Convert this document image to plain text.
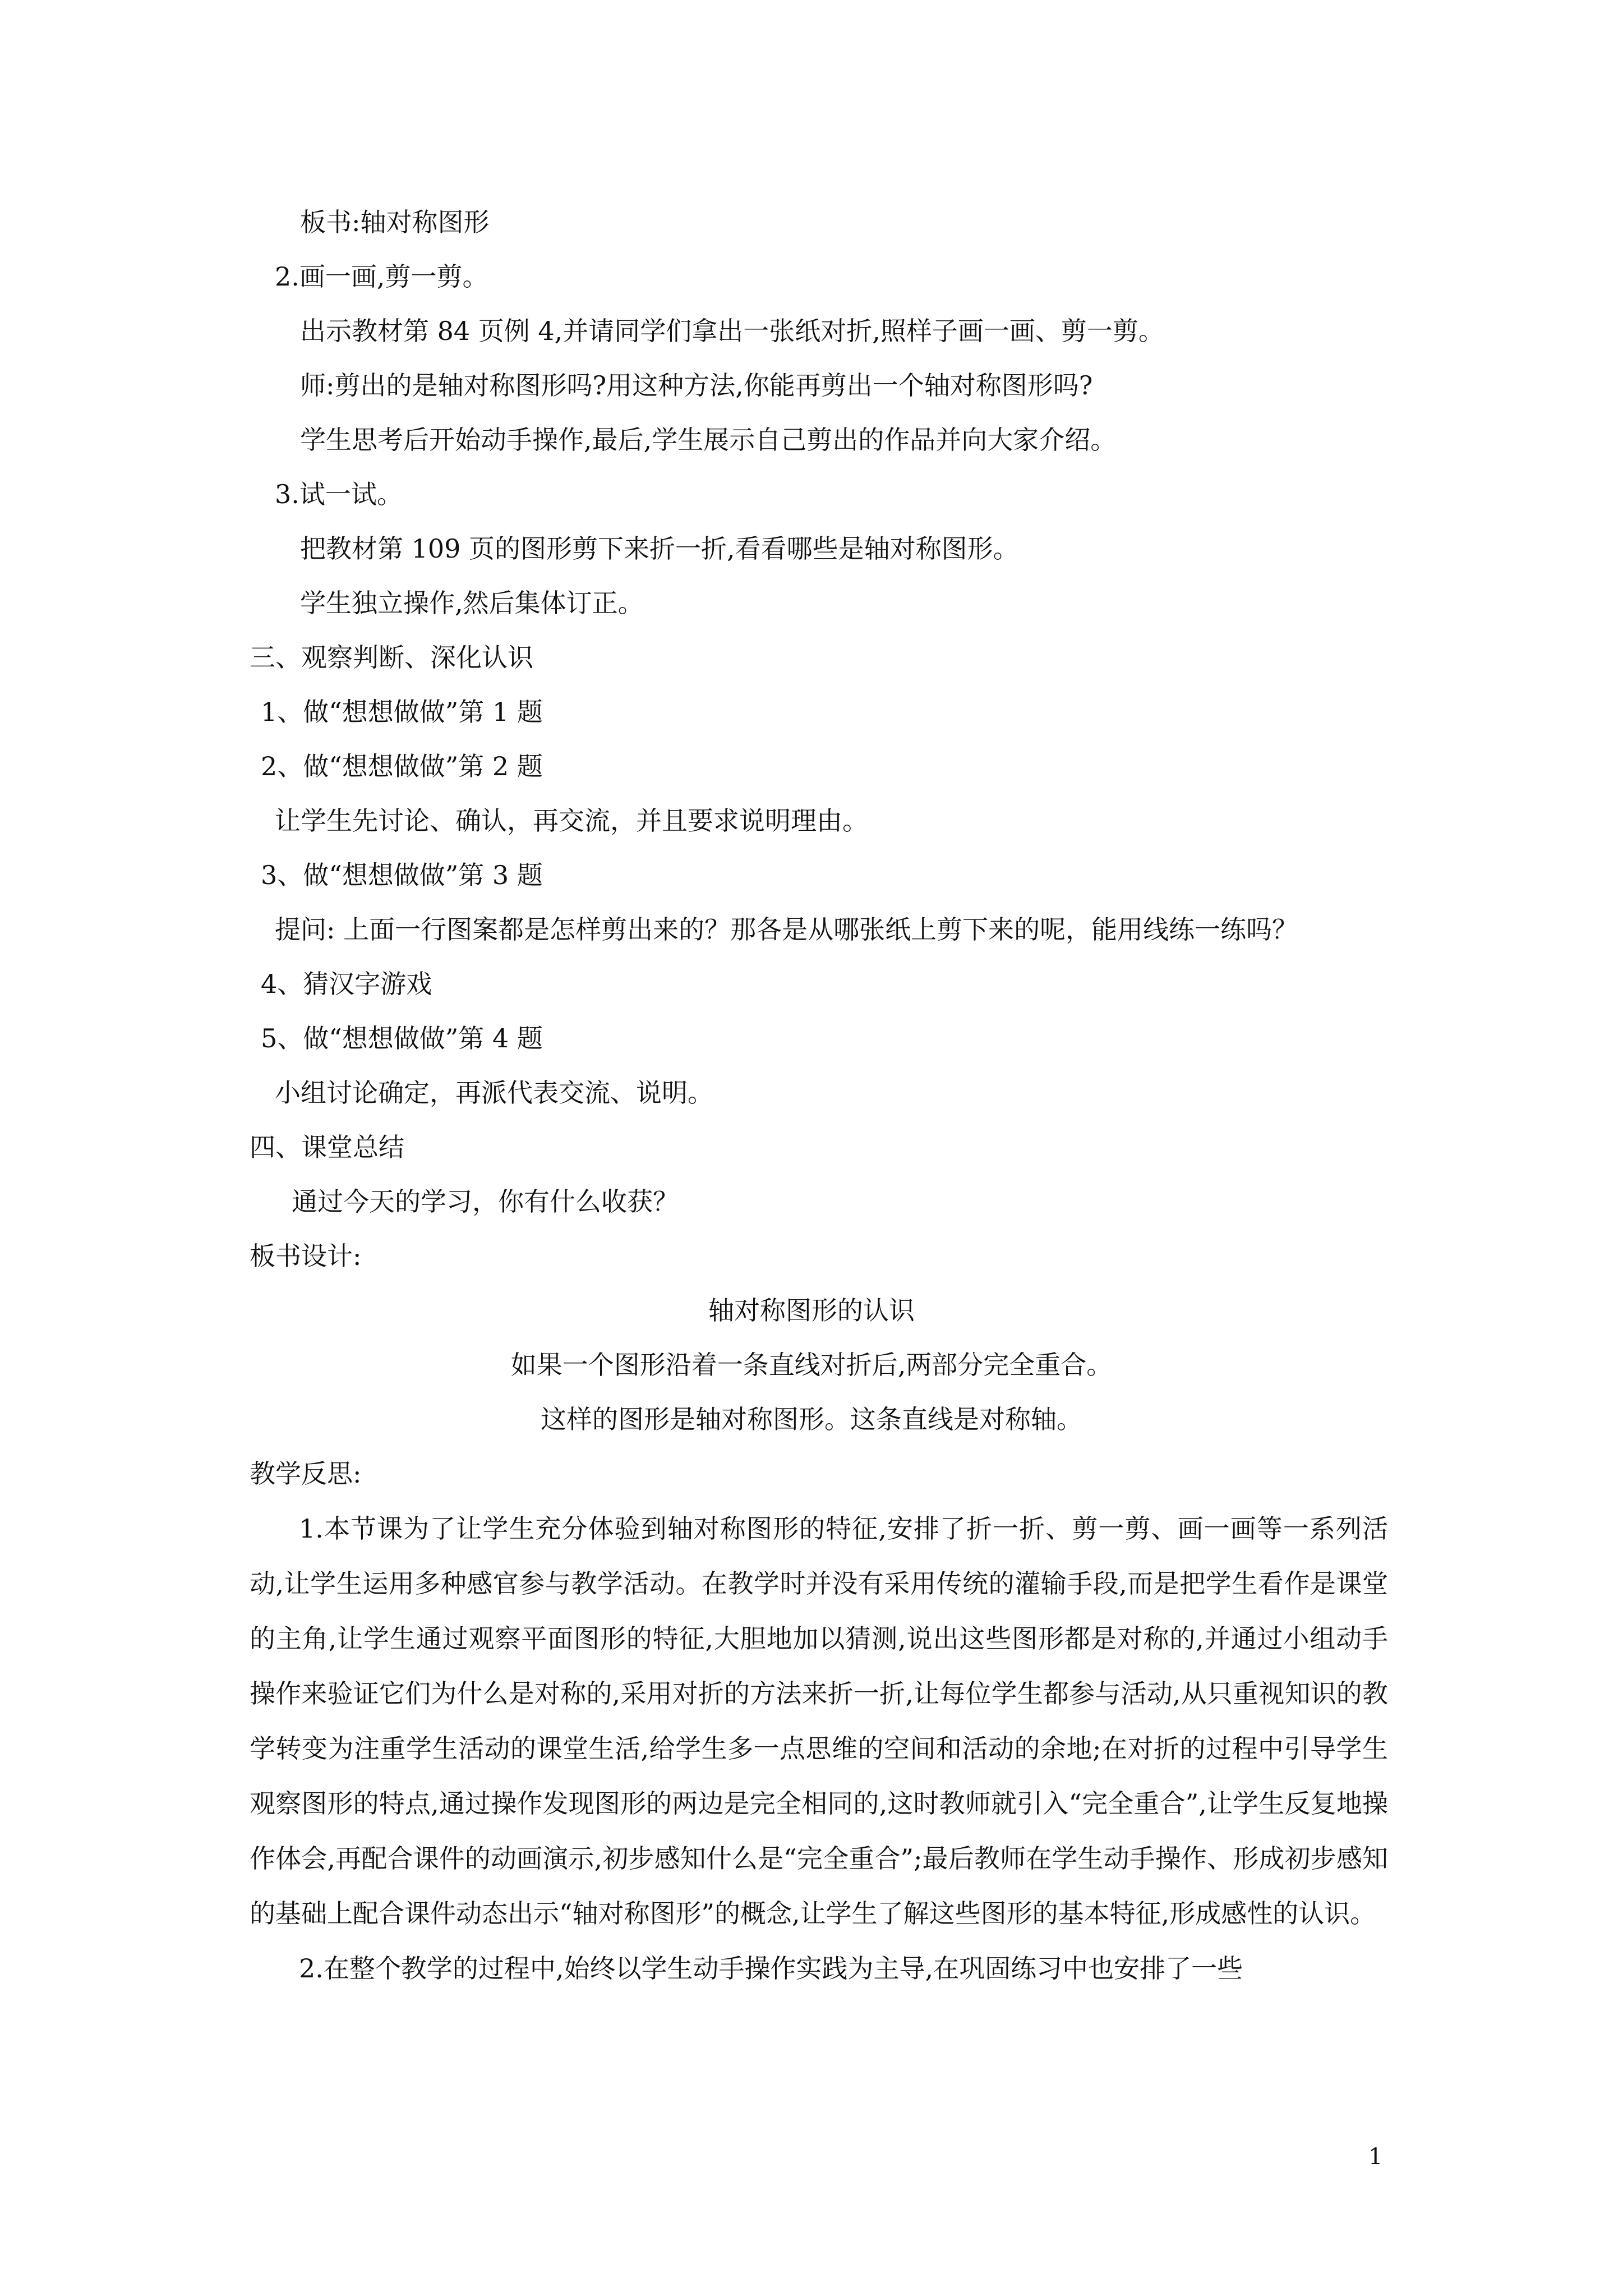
板书:轴对称图形

2.画一画,剪一剪。

出示教材第 84 页例 4,并请同学们拿出一张纸对折,照样子画一画、剪一剪。

师:剪出的是轴对称图形吗?用这种方法,你能再剪出一个轴对称图形吗?

学生思考后开始动手操作,最后,学生展示自己剪出的作品并向大家介绍。

3.试一试。

把教材第 109 页的图形剪下来折一折,看看哪些是轴对称图形。

学生独立操作,然后集体订正。

三、观察判断、深化认识

1、做“想想做做”第 1 题

2、做“想想做做”第 2 题

让学生先讨论、确认，再交流，并且要求说明理由。

3、做“想想做做”第 3 题

提问: 上面一行图案都是怎样剪出来的？那各是从哪张纸上剪下来的呢，能用线练一练吗？

4、猜汉字游戏

5、做“想想做做”第 4 题

小组讨论确定，再派代表交流、说明。

四、课堂总结

通过今天的学习，你有什么收获？

板书设计:

轴对称图形的认识

如果一个图形沿着一条直线对折后,两部分完全重合。

这样的图形是轴对称图形。这条直线是对称轴。

教学反思:

1.本节课为了让学生充分体验到轴对称图形的特征,安排了折一折、剪一剪、画一画等一系列活动,让学生运用多种感官参与教学活动。在教学时并没有采用传统的灌输手段,而是把学生看作是课堂的主角,让学生通过观察平面图形的特征,大胆地加以猜测,说出这些图形都是对称的,并通过小组动手操作来验证它们为什么是对称的,采用对折的方法来折一折,让每位学生都参与活动,从只重视知识的教学转变为注重学生活动的课堂生活,给学生多一点思维的空间和活动的余地;在对折的过程中引导学生观察图形的特点,通过操作发现图形的两边是完全相同的,这时教师就引入“完全重合”,让学生反复地操作体会,再配合课件的动画演示,初步感知什么是“完全重合”;最后教师在学生动手操作、形成初步感知的基础上配合课件动态出示“轴对称图形”的概念,让学生了解这些图形的基本特征,形成感性的认识。

2.在整个教学的过程中,始终以学生动手操作实践为主导,在巩固练习中也安排了一些

1
